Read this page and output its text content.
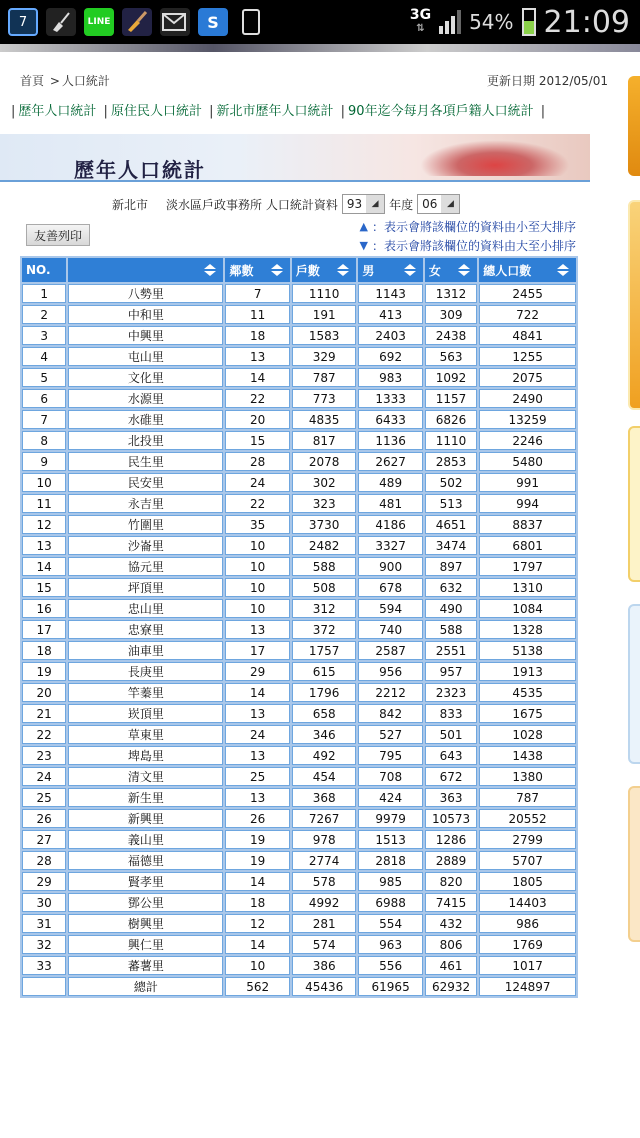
7	LINE	S	3G
⇅	54% 21:09
首頁 > 人口統計	更新日期 2012/05/01
| 歷年人口統計 | 原住民人口統計 | 新北市歷年人口統計 | 90年迄今每月各項戶籍人口統計 |
歷年人口統計
新北市 淡水區戶政事務所 人口統計資料 93	◢ 年度 06	◢
友善列印
▲ ：表示會將該欄位的資料由小至大排序
▼ ：表示會將該欄位的資料由大至小排序
NO.		鄰數	戶數	男	女	總人口數

1	八勢里	7	1110	1143	1312	2455
2	中和里	11	191	413	309	722
3	中興里	18	1583	2403	2438	4841
4	屯山里	13	329	692	563	1255
5	文化里	14	787	983	1092	2075
6	水源里	22	773	1333	1157	2490
7	水碓里	20	4835	6433	6826	13259
8	北投里	15	817	1136	1110	2246
9	民生里	28	2078	2627	2853	5480
10	民安里	24	302	489	502	991
11	永吉里	22	323	481	513	994
12	竹圍里	35	3730	4186	4651	8837
13	沙崙里	10	2482	3327	3474	6801
14	協元里	10	588	900	897	1797
15	坪頂里	10	508	678	632	1310
16	忠山里	10	312	594	490	1084
17	忠寮里	13	372	740	588	1328
18	油車里	17	1757	2587	2551	5138
19	長庚里	29	615	956	957	1913
20	竿蓁里	14	1796	2212	2323	4535
21	崁頂里	13	658	842	833	1675
22	草東里	24	346	527	501	1028
23	埤島里	13	492	795	643	1438
24	清文里	25	454	708	672	1380
25	新生里	13	368	424	363	787
26	新興里	26	7267	9979	10573	20552
27	義山里	19	978	1513	1286	2799
28	福德里	19	2774	2818	2889	5707
29	賢孝里	14	578	985	820	1805
30	鄧公里	18	4992	6988	7415	14403
31	樹興里	12	281	554	432	986
32	興仁里	14	574	963	806	1769
33	蕃薯里	10	386	556	461	1017
	總計	562	45436	61965	62932	124897
